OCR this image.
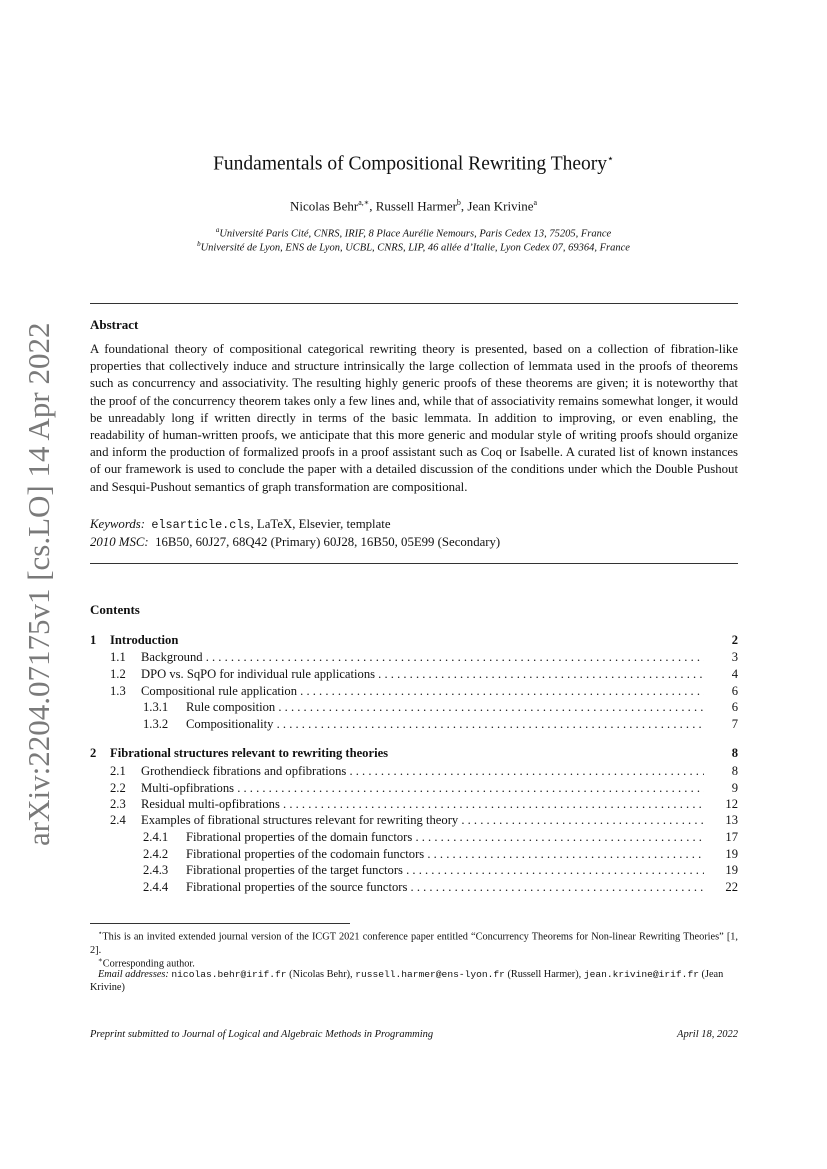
arXiv:2204.07175v1 [cs.LO] 14 Apr 2022
Fundamentals of Compositional Rewriting Theory⋆
Nicolas Behr$^{a,∗}$, Russell Harmer$^b$, Jean Krivine$^a$
$^a$Université Paris Cité, CNRS, IRIF, 8 Place Aurélie Nemours, Paris Cedex 13, 75205, France
$^b$Université de Lyon, ENS de Lyon, UCBL, CNRS, LIP, 46 allée d’Italie, Lyon Cedex 07, 69364, France
Abstract
A foundational theory of compositional categorical rewriting theory is presented, based on a collection of fibration-like properties that collectively induce and structure intrinsically the large collection of lemmata used in the proofs of theorems such as concurrency and associativity. The resulting highly generic proofs of these theorems are given; it is noteworthy that the proof of the concurrency theorem takes only a few lines and, while that of associativity remains somewhat longer, it would be unreadably long if written directly in terms of the basic lemmata. In addition to improving, or even enabling, the readability of human-written proofs, we anticipate that this more generic and modular style of writing proofs should organize and inform the production of formalized proofs in a proof assistant such as Coq or Isabelle. A curated list of known instances of our framework is used to conclude the paper with a detailed discussion of the conditions under which the Double Pushout and Sesqui-Pushout semantics of graph transformation are compositional.
Keywords: elsarticle.cls, LaTeX, Elsevier, template
2010 MSC: 16B50, 60J27, 68Q42 (Primary) 60J28, 16B50, 05E99 (Secondary)
Contents
1 Introduction	2
1.1 Background . . .	3
1.2 DPO vs. SqPO for individual rule applications . . .	4
1.3 Compositional rule application . . .	6
1.3.1 Rule composition . . .	6
1.3.2 Compositionality . . .	7
2 Fibrational structures relevant to rewriting theories	8
2.1 Grothendieck fibrations and opfibrations . . .	8
2.2 Multi-opfibrations . . .	9
2.3 Residual multi-opfibrations . . .	12
2.4 Examples of fibrational structures relevant for rewriting theory . . .	13
2.4.1 Fibrational properties of the domain functors . . .	17
2.4.2 Fibrational properties of the codomain functors . . .	19
2.4.3 Fibrational properties of the target functors . . .	19
2.4.4 Fibrational properties of the source functors . . .	22
⋆This is an invited extended journal version of the ICGT 2021 conference paper entitled “Concurrency Theorems for Non-linear Rewriting Theories” [1, 2].
∗Corresponding author.
Email addresses: nicolas.behr@irif.fr (Nicolas Behr), russell.harmer@ens-lyon.fr (Russell Harmer), jean.krivine@irif.fr (Jean Krivine)
Preprint submitted to Journal of Logical and Algebraic Methods in Programming	April 18, 2022
